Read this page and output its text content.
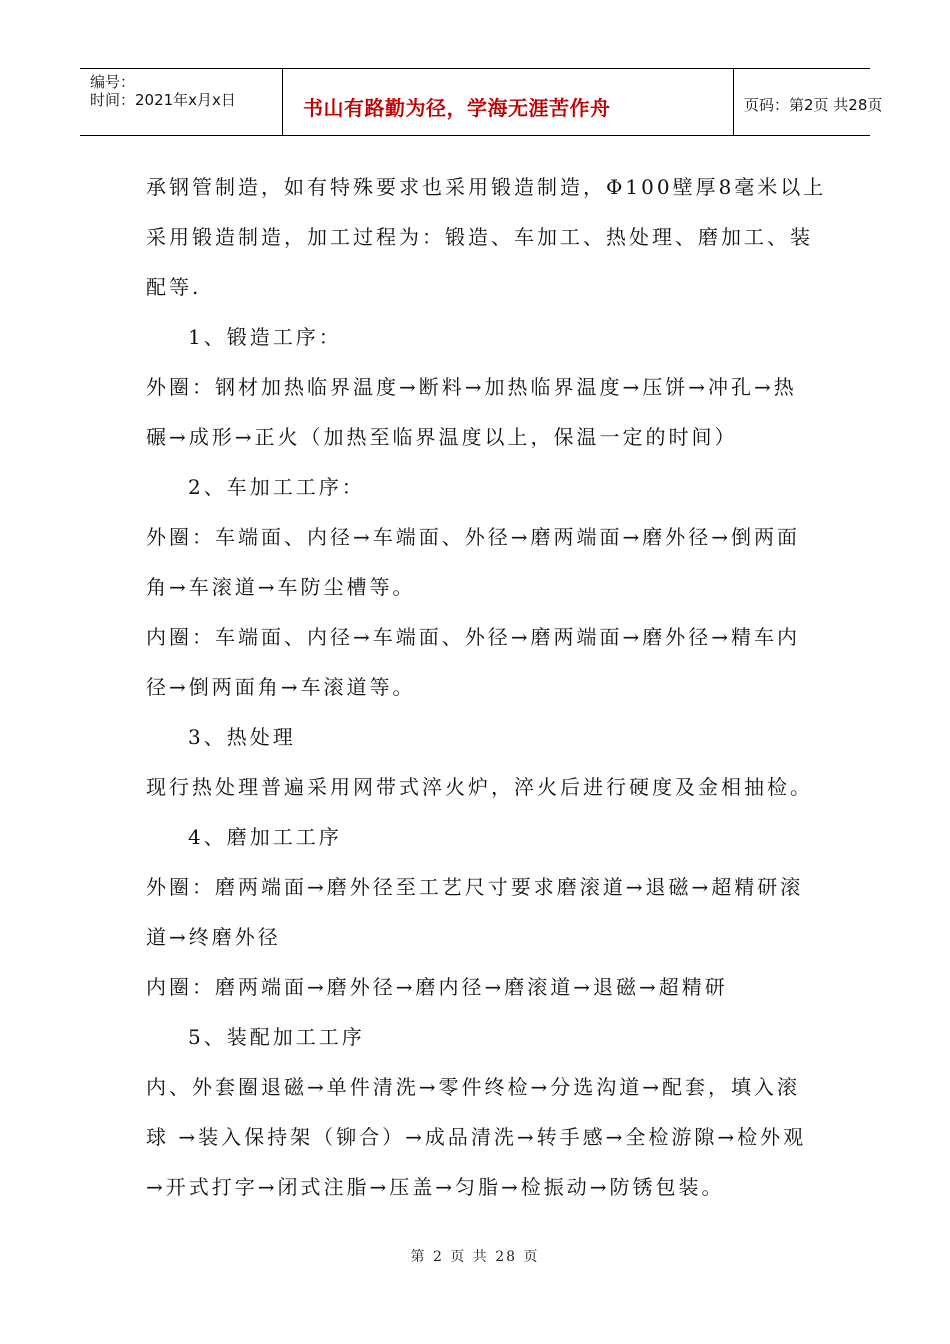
编号：
时间：2021年x月x日	书山有路勤为径，学海无涯苦作舟	页码：第2页 共28页
承钢管制造，如有特殊要求也采用锻造制造，Φ100壁厚8毫米以上
采用锻造制造，加工过程为：锻造、车加工、热处理、磨加工、装
配等.
1、锻造工序：
外圈：钢材加热临界温度→断料→加热临界温度→压饼→冲孔→热
碾→成形→正火（加热至临界温度以上，保温一定的时间）
2、车加工工序：
外圈：车端面、内径→车端面、外径→磨两端面→磨外径→倒两面
角→车滚道→车防尘槽等。
内圈：车端面、内径→车端面、外径→磨两端面→磨外径→精车内
径→倒两面角→车滚道等。
3、热处理
现行热处理普遍采用网带式淬火炉，淬火后进行硬度及金相抽检。
4、磨加工工序
外圈：磨两端面→磨外径至工艺尺寸要求磨滚道→退磁→超精研滚
道→终磨外径
内圈：磨两端面→磨外径→磨内径→磨滚道→退磁→超精研
5、装配加工工序
内、外套圈退磁→单件清洗→零件终检→分选沟道→配套，填入滚
球 →装入保持架（铆合）→成品清洗→转手感→全检游隙→检外观
→开式打字→闭式注脂→压盖→匀脂→检振动→防锈包装。
第 2 页 共 28 页
